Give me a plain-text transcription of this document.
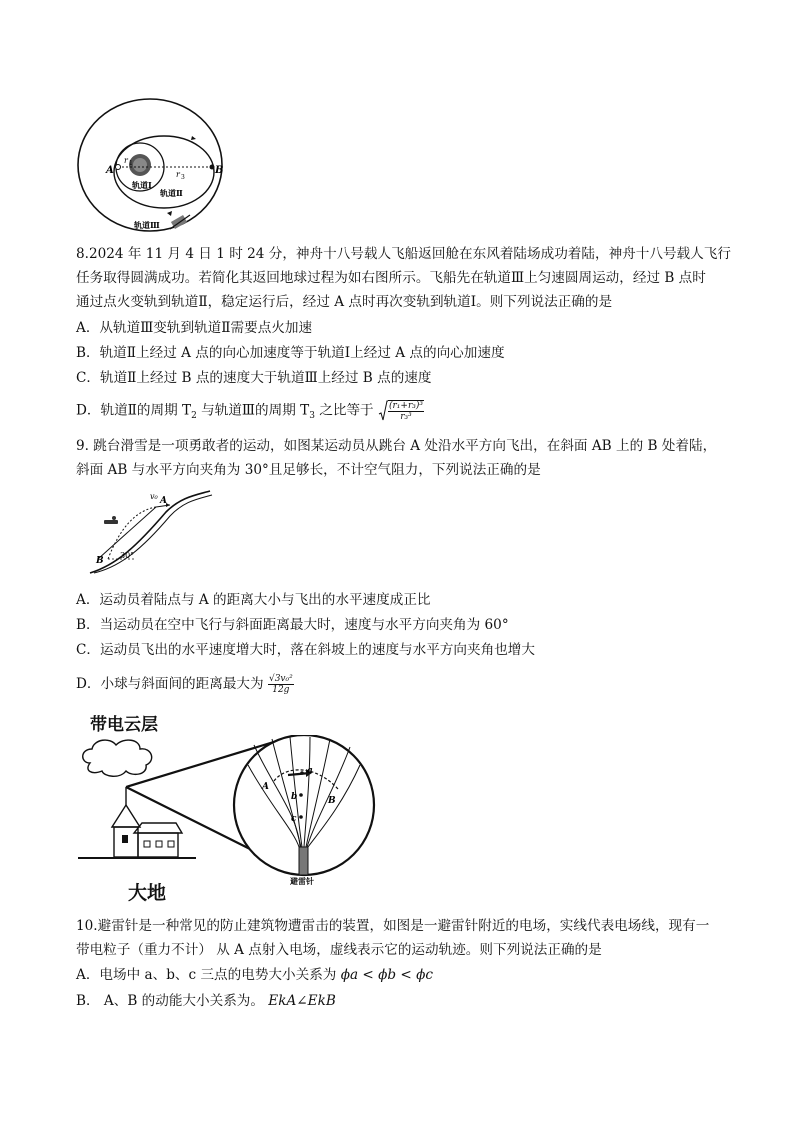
A	B
r 1
r 3
轨道Ⅰ
轨道Ⅱ
轨道Ⅲ
8.2024 年 11 月 4 日 1 时 24 分，神舟十八号载人飞船返回舱在东风着陆场成功着陆，神舟十八号载人飞行
任务取得圆满成功。若简化其返回地球过程为如右图所示。飞船先在轨道Ⅲ上匀速圆周运动，经过 B 点时
通过点火变轨到轨道Ⅱ，稳定运行后，经过 A 点时再次变轨到轨道Ⅰ。则下列说法正确的是
A．从轨道Ⅲ变轨到轨道Ⅱ需要点火加速
B．轨道Ⅱ上经过 A 点的向心加速度等于轨道Ⅰ上经过 A 点的向心加速度
C．轨道Ⅱ上经过 B 点的速度大于轨道Ⅲ上经过 B 点的速度
D．轨道Ⅱ的周期 $T_2$ 与轨道Ⅲ的周期 $T_3$ 之比等于 $\frac{\text{(r₁+r₃)³}}{\text{r₃³}}$
9. 跳台滑雪是一项勇敢者的运动，如图某运动员从跳台 A 处沿水平方向飞出，在斜面 AB 上的 B 处着陆，
斜面 AB 与水平方向夹角为 30°且足够长，不计空气阻力，下列说法正确的是
B
A
v₀
30°
A．运动员着陆点与 A 的距离大小与飞出的水平速度成正比
B．当运动员在空中飞行与斜面距离最大时，速度与水平方向夹角为 60°
C．运动员飞出的水平速度增大时，落在斜坡上的速度与水平方向夹角也增大
D．小球与斜面间的距离最大为 $\frac{\text{√3v₀²}}{12g}$
带电云层
大地
a
b
c
A
B
避雷针
10.避雷针是一种常见的防止建筑物遭雷击的装置，如图是一避雷针附近的电场，实线代表电场线，现有一
带电粒子（重力不计） 从 A 点射入电场，虚线表示它的运动轨迹。则下列说法正确的是
A．电场中 a、b、c 三点的电势大小关系为 ϕa < ϕb < ϕc
B． A、B 的动能大小关系为。 EkA∠EkB
